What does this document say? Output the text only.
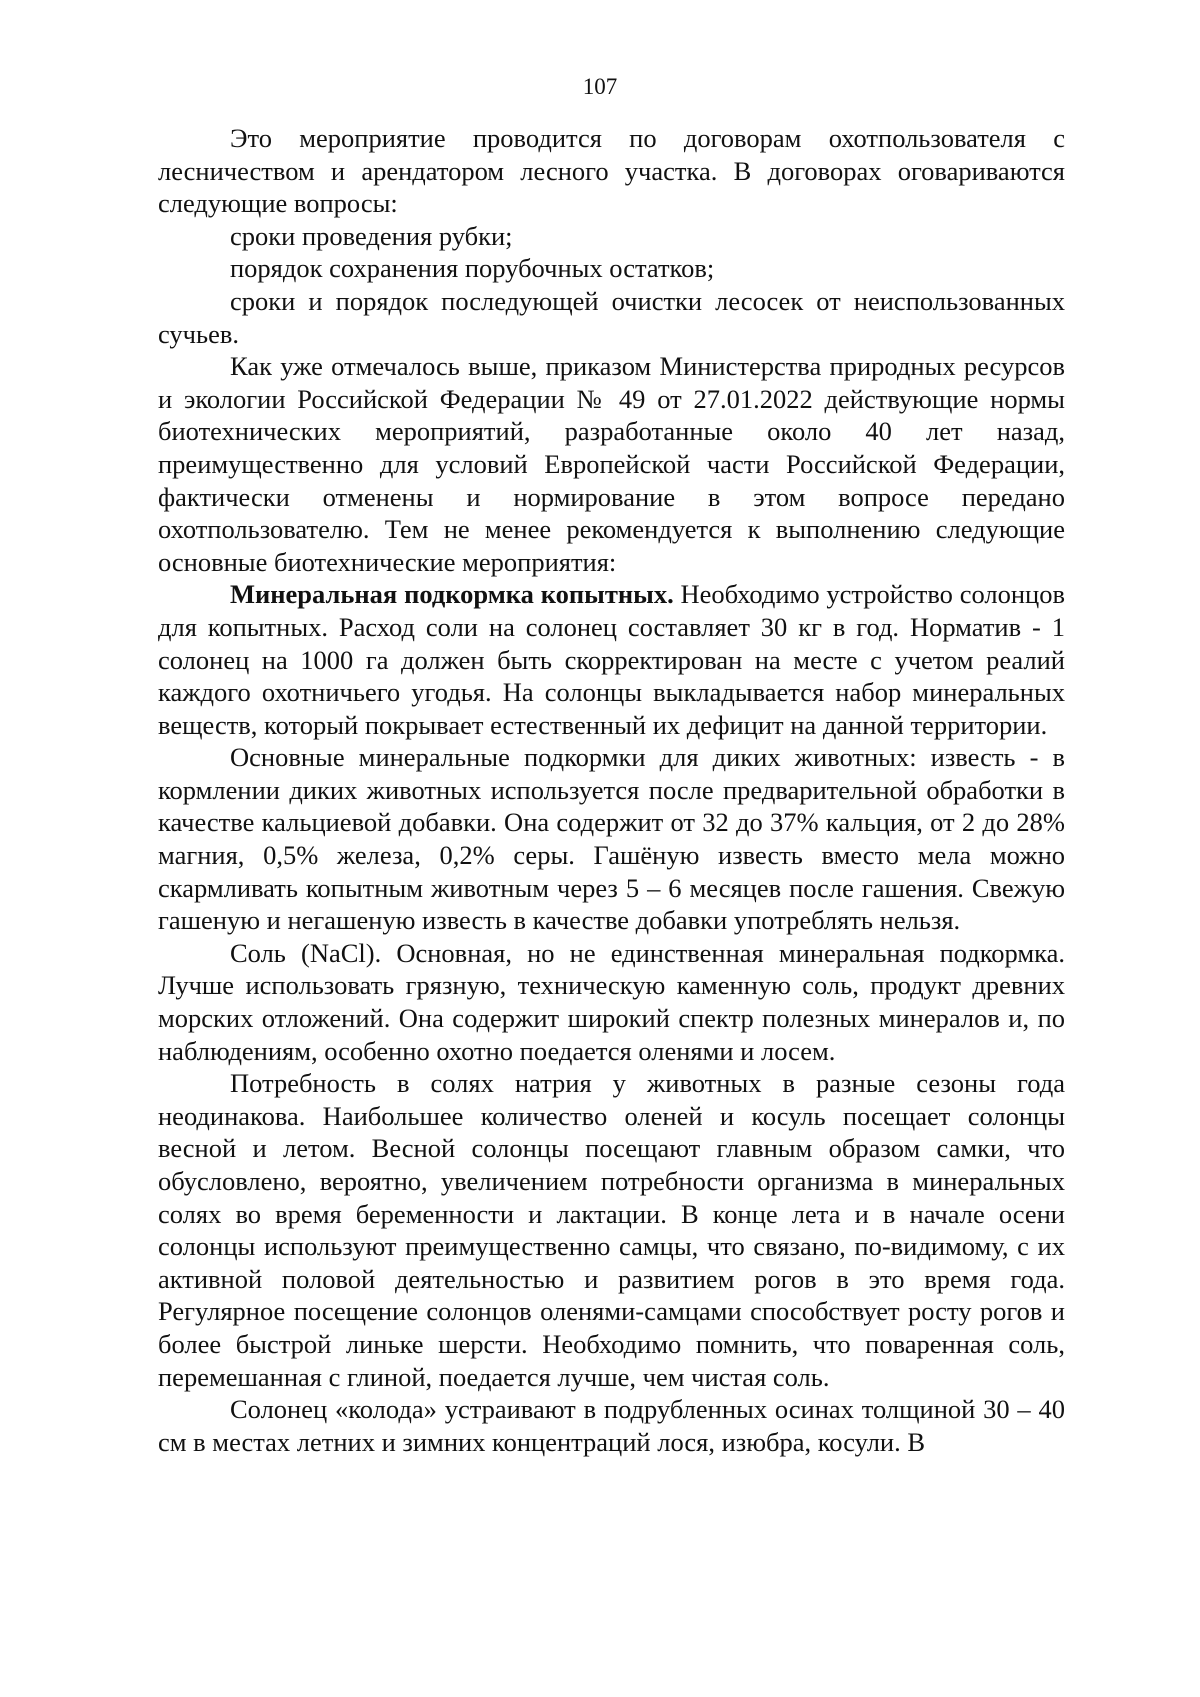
107

Это мероприятие проводится по договорам охотпользователя с лесничеством и арендатором лесного участка. В договорах оговариваются следующие вопросы:

сроки проведения рубки;

порядок сохранения порубочных остатков;

сроки и порядок последующей очистки лесосек от неиспользованных сучьев.

Как уже отмечалось выше, приказом Министерства природных ресурсов и экологии Российской Федерации № 49 от 27.01.2022 действующие нормы биотехнических мероприятий, разработанные около 40 лет назад, преимущественно для условий Европейской части Российской Федерации, фактически отменены и нормирование в этом вопросе передано охотпользователю. Тем не менее рекомендуется к выполнению следующие основные биотехнические мероприятия:

Минеральная подкормка копытных. Необходимо устройство солонцов для копытных. Расход соли на солонец составляет 30 кг в год. Норматив - 1 солонец на 1000 га должен быть скорректирован на месте с учетом реалий каждого охотничьего угодья. На солонцы выкладывается набор минеральных веществ, который покрывает естественный их дефицит на данной территории.

Основные минеральные подкормки для диких животных: известь - в кормлении диких животных используется после предварительной обработки в качестве кальциевой добавки. Она содержит от 32 до 37% кальция, от 2 до 28% магния, 0,5% железа, 0,2% серы. Гашёную известь вместо мела можно скармливать копытным животным через 5 – 6 месяцев после гашения. Свежую гашеную и негашеную известь в качестве добавки употреблять нельзя.

Соль (NaCl). Основная, но не единственная минеральная подкормка. Лучше использовать грязную, техническую каменную соль, продукт древних морских отложений. Она содержит широкий спектр полезных минералов и, по наблюдениям, особенно охотно поедается оленями и лосем.

Потребность в солях натрия у животных в разные сезоны года неодинакова. Наибольшее количество оленей и косуль посещает солонцы весной и летом. Весной солонцы посещают главным образом самки, что обусловлено, вероятно, увеличением потребности организма в минеральных солях во время беременности и лактации. В конце лета и в начале осени солонцы используют преимущественно самцы, что связано, по-видимому, с их активной половой деятельностью и развитием рогов в это время года. Регулярное посещение солонцов оленями-самцами способствует росту рогов и более быстрой линьке шерсти. Необходимо помнить, что поваренная соль, перемешанная с глиной, поедается лучше, чем чистая соль.

Солонец «колода» устраивают в подрубленных осинах толщиной 30 – 40 см в местах летних и зимних концентраций лося, изюбра, косули. В
